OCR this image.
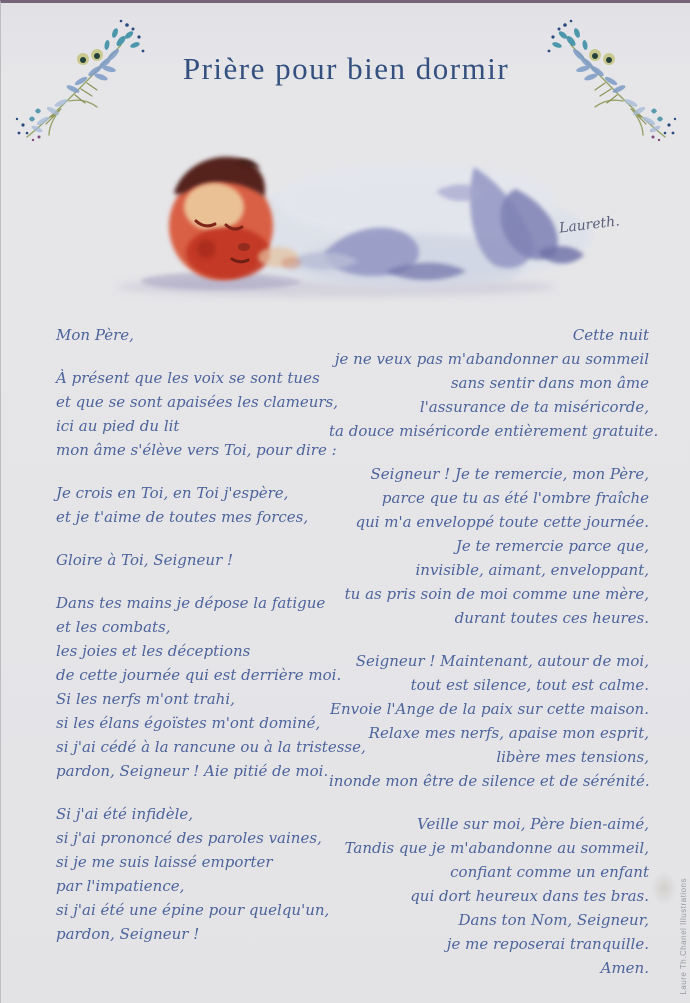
Prière pour bien dormir
Laureth.
Mon Père,
À présent que les voix se sont tues
et que se sont apaisées les clameurs,
ici au pied du lit
mon âme s'élève vers Toi, pour dire :
Je crois en Toi, en Toi j'espère,
et je t'aime de toutes mes forces,
Gloire à Toi, Seigneur !
Dans tes mains je dépose la fatigue
et les combats,
les joies et les déceptions
de cette journée qui est derrière moi.
Si les nerfs m'ont trahi,
si les élans égoïstes m'ont dominé,
si j'ai cédé à la rancune ou à la tristesse,
pardon, Seigneur ! Aie pitié de moi.
Si j'ai été infidèle,
si j'ai prononcé des paroles vaines,
si je me suis laissé emporter
par l'impatience,
si j'ai été une épine pour quelqu'un,
pardon, Seigneur !
Cette nuit
je ne veux pas m'abandonner au sommeil
sans sentir dans mon âme
l'assurance de ta miséricorde,
ta douce miséricorde entièrement gratuite.
Seigneur ! Je te remercie, mon Père,
parce que tu as été l'ombre fraîche
qui m'a enveloppé toute cette journée.
Je te remercie parce que,
invisible, aimant, enveloppant,
tu as pris soin de moi comme une mère,
durant toutes ces heures.
Seigneur ! Maintenant, autour de moi,
tout est silence, tout est calme.
Envoie l'Ange de la paix sur cette maison.
Relaxe mes nerfs, apaise mon esprit,
libère mes tensions,
inonde mon être de silence et de sérénité.
Veille sur moi, Père bien-aimé,
Tandis que je m'abandonne au sommeil,
confiant comme un enfant
qui dort heureux dans tes bras.
Dans ton Nom, Seigneur,
je me reposerai tranquille.
Amen.	Laure Th.Chanel Illustrations
